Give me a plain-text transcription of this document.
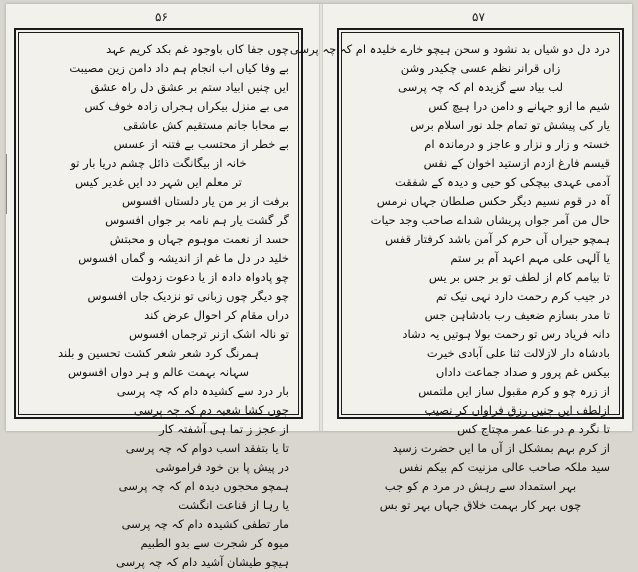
۵۶
چوں جفا کاں باوجود غم بکد کریم عہد
بے وفا کیاں اب انجام ہم داد دامن زین مصیبت
ایں چنیں ابیاد ستم بر عشق دل راہ عشق
می بے منزل بیکراں ہجراں زادہ خوف کس
بے محابا جانم مستقیم کش عاشقی
بے خطر از محتسب بے فتنہ از عسس
خانہ از بیگانگت ذائل چشم دریا بار تو
تر معلم ایں شہر دد ایں غدیر کیس
برفت از بر من یار دلستاں افسوس
گر گشت یار ہم نامہ بر جواں افسوس
حسد از نعمت موہوم جہاں و محبتش
خلید در دل ما غم از اندیشہ و گماں افسوس
چو پادواہ دادہ از یا دعوت زدولت
چو دیگر چوں زبانی تو نزدیک جاں افسوس
دراں مقام کر احوال عرض کند
تو نالہ اشک ازنر ترجماں افسوس
ہمرنگ کرد شعر شعر کشت تحسین و بلند
سہانہ بہمت عالم و ہر دواں افسوس
بار درد سے کشیدہ دام کہ چہ پرسی
چوں کشا شعبہ دم کہ چہ پرسی
از عجز ز تما ہی آشفتہ کار
تا یا بتفقد اسب دوام کہ چہ پرسی
در پیش پا بن خود فراموشی
ہمچو محجوں دیدہ ام کہ چہ پرسی
یا رہا از قناعت انگشت
مار تطفی کشیدہ دام کہ چہ پرسی
میوہ کر شجرت سے بدو الطبیم
ہیچو طیشان آشید دام کہ چہ پرسی
۵۷
درد دل دو شیاں بد نشود و سحن ہیچو خارے خلیدہ ام کہ چہ پرسی
زاں قرانر نظم عسی چکیدر وشن
لب بیاد سے گزیدہ ام کہ چہ پرسی
شیم ما ازو جہانے و دامن درا ہیچ کس
یار کی پیشش تو تمام جلد نور اسلام برس
خستہ و زار و نزار و عاجز و درماندہ ام
قیسم فارغ ازدم ازستید اخوان کے نفس
آدمی عہدی بیچکی کو حیی و دیدہ کے شفقت
آہ در قوم نسیم دیگر حکس صلطان جہاں نرمس
حال من آمر جواں پریشاں شداے صاحب وجد حیات
ہمچو حیراں آں حرم کر آمن باشد کرفتار قفس
یا آلہی علی مہم اعہد آم بر ستم
تا بیامم کام از لطف تو بر جس بر یس
در جیب کرم رحمت دارد نہی نیک تم
تا مدر بسازم ضعیف رب بادشاہن جس
دانہ فریاد رس تو رحمت بولا ہوتیں یہ دشاد
بادشاہ دار لازلالت ثنا علی آبادی خیرت
بیکس غم پرور و صداد جماعت داداں
از زرہ چو و کرم مقبول ساز ایں ملتمس
ازلطف ایں چنیں رزق فراواں کر نصیب
تا نگرد م در عنا عمر مچتاج کس
از کرم بہم بمشکل از آں ما ایں حضرت زسپد
سید ملکہ صاحب عالی مزنیت کم بیکم نفس
بہر استمداد سے رہش در مرد م کو جب
چوں بہر کار بہمت خلاق جہاں بہر تو بس
